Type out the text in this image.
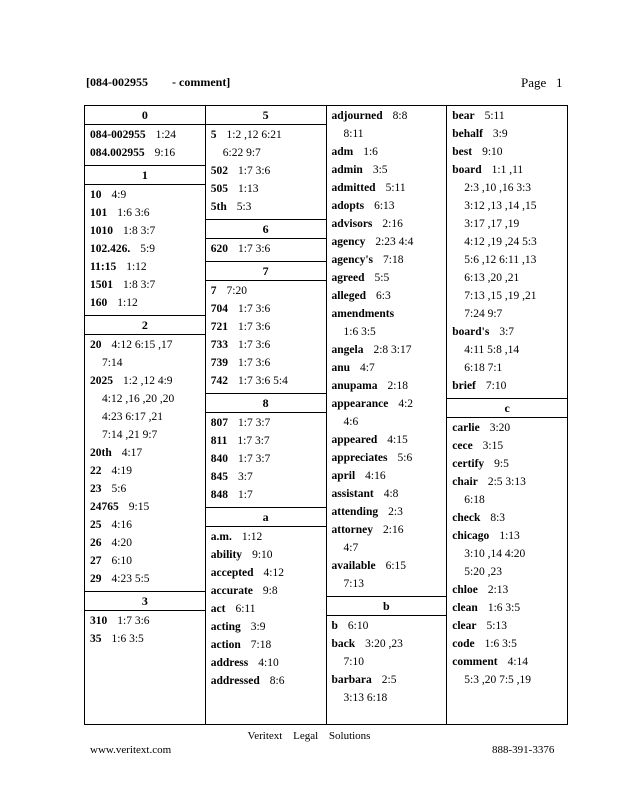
[084-002955 - comment]	Page 1
0
084-002955 1:24
084.002955 9:16
1
10 4:9
101 1:6 3:6
1010 1:8 3:7
102.426. 5:9
11:15 1:12
1501 1:8 3:7
160 1:12
2
20 4:12 6:15 ,17
7:14
2025 1:2 ,12 4:9
4:12 ,16 ,20 ,20
4:23 6:17 ,21
7:14 ,21 9:7
20th 4:17
22 4:19
23 5:6
24765 9:15
25 4:16
26 4:20
27 6:10
29 4:23 5:5
3
310 1:7 3:6
35 1:6 3:5
5
5 1:2 ,12 6:21
6:22 9:7
502 1:7 3:6
505 1:13
5th 5:3
6
620 1:7 3:6
7
7 7:20
704 1:7 3:6
721 1:7 3:6
733 1:7 3:6
739 1:7 3:6
742 1:7 3:6 5:4
8
807 1:7 3:7
811 1:7 3:7
840 1:7 3:7
845 3:7
848 1:7
a
a.m. 1:12
ability 9:10
accepted 4:12
accurate 9:8
act 6:11
acting 3:9
action 7:18
address 4:10
addressed 8:6
adjourned 8:8
8:11
adm 1:6
admin 3:5
admitted 5:11
adopts 6:13
advisors 2:16
agency 2:23 4:4
agency's 7:18
agreed 5:5
alleged 6:3
amendments
1:6 3:5
angela 2:8 3:17
anu 4:7
anupama 2:18
appearance 4:2
4:6
appeared 4:15
appreciates 5:6
april 4:16
assistant 4:8
attending 2:3
attorney 2:16
4:7
available 6:15
7:13
b
b 6:10
back 3:20 ,23
7:10
barbara 2:5
3:13 6:18
bear 5:11
behalf 3:9
best 9:10
board 1:1 ,11
2:3 ,10 ,16 3:3
3:12 ,13 ,14 ,15
3:17 ,17 ,19
4:12 ,19 ,24 5:3
5:6 ,12 6:11 ,13
6:13 ,20 ,21
7:13 ,15 ,19 ,21
7:24 9:7
board's 3:7
4:11 5:8 ,14
6:18 7:1
brief 7:10
c
carlie 3:20
cece 3:15
certify 9:5
chair 2:5 3:13
6:18
check 8:3
chicago 1:13
3:10 ,14 4:20
5:20 ,23
chloe 2:13
clean 1:6 3:5
clear 5:13
code 1:6 3:5
comment 4:14
5:3 ,20 7:5 ,19
Veritext Legal Solutions
www.veritext.com	888-391-3376
